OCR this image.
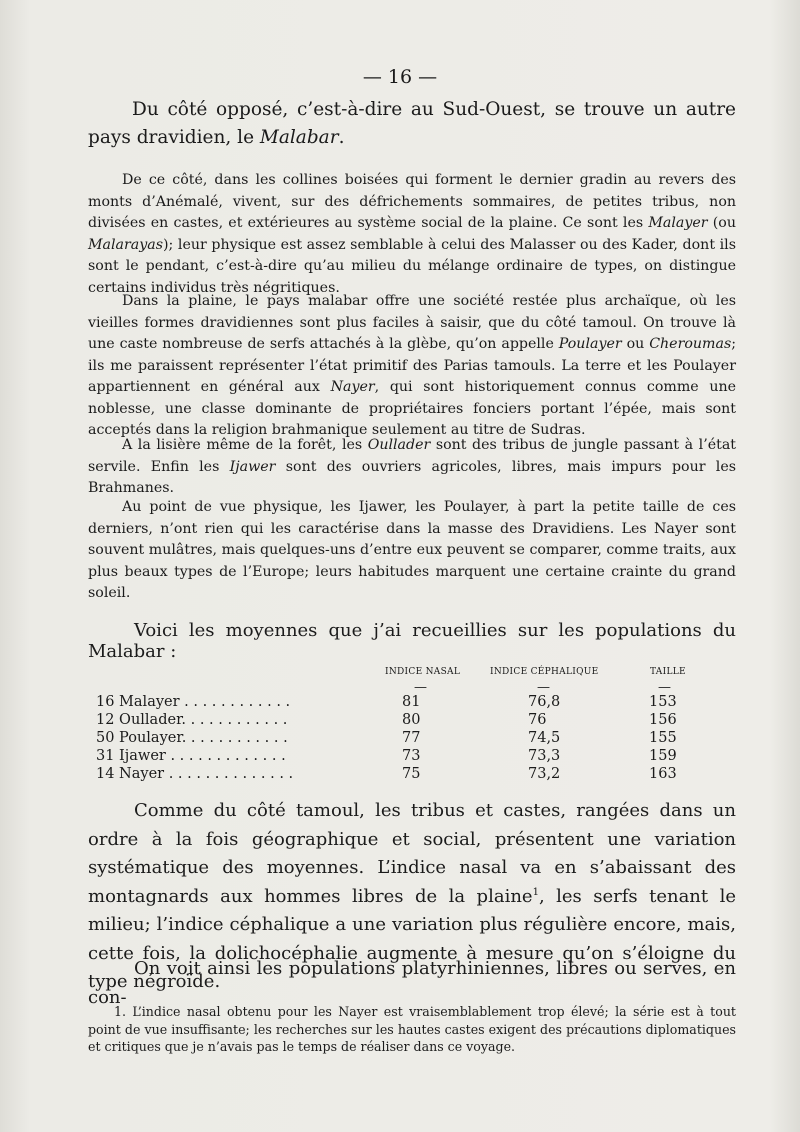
— 16 —

Du côté opposé, c’est-à-dire au Sud-Ouest, se trouve un autre pays dravidien, le Malabar.

De ce côté, dans les collines boisées qui forment le dernier gradin au revers des monts d’Anémalé, vivent, sur des défrichements sommaires, de petites tribus, non divisées en castes, et extérieures au système social de la plaine. Ce sont les Malayer (ou Malarayas); leur physique est assez semblable à celui des Malasser ou des Kader, dont ils sont le pendant, c’est-à-dire qu’au milieu du mélange ordinaire de types, on distingue certains individus très négritiques.

Dans la plaine, le pays malabar offre une société restée plus archaïque, où les vieilles formes dravidiennes sont plus faciles à saisir, que du côté tamoul. On trouve là une caste nombreuse de serfs attachés à la glèbe, qu’on appelle Poulayer ou Cheroumas; ils me paraissent représenter l’état primitif des Parias tamouls. La terre et les Poulayer appartiennent en général aux Nayer, qui sont historiquement connus comme une noblesse, une classe dominante de propriétaires fonciers portant l’épée, mais sont acceptés dans la religion brahmanique seulement au titre de Sudras.

A la lisière même de la forêt, les Oullader sont des tribus de jungle passant à l’état servile. Enfin les Ijawer sont des ouvriers agricoles, libres, mais impurs pour les Brahmanes.

Au point de vue physique, les Ijawer, les Poulayer, à part la petite taille de ces derniers, n’ont rien qui les caractérise dans la masse des Dravidiens. Les Nayer sont souvent mulâtres, mais quelques-uns d’entre eux peuvent se comparer, comme traits, aux plus beaux types de l’Europe; leurs habitudes marquent une certaine crainte du grand soleil.

Voici les moyennes que j’ai recueillies sur les populations du Malabar :

INDICE NASAL	INDICE CÉPHALIQUE	TAILLE
—	—	—
16 Malayer . . . . . . . . . . . .	81	76,8	153
12 Oullader. . . . . . . . . . . .	80	76	156
50 Poulayer. . . . . . . . . . . .	77	74,5	155
31 Ijawer . . . . . . . . . . . . .	73	73,3	159
14 Nayer . . . . . . . . . . . . . .	75	73,2	163

Comme du côté tamoul, les tribus et castes, rangées dans un ordre à la fois géographique et social, présentent une variation systématique des moyennes. L’indice nasal va en s’abaissant des montagnards aux hommes libres de la plaine$^1$, les serfs tenant le milieu; l’indice céphalique a une variation plus régulière encore, mais, cette fois, la dolichocéphalie augmente à mesure qu’on s’éloigne du type négroïde.

On voit ainsi les populations platyrhiniennes, libres ou serves, en con-

1. L’indice nasal obtenu pour les Nayer est vraisemblablement trop élevé; la série est à tout point de vue insuffisante; les recherches sur les hautes castes exigent des précautions diplomatiques et critiques que je n’avais pas le temps de réaliser dans ce voyage.
